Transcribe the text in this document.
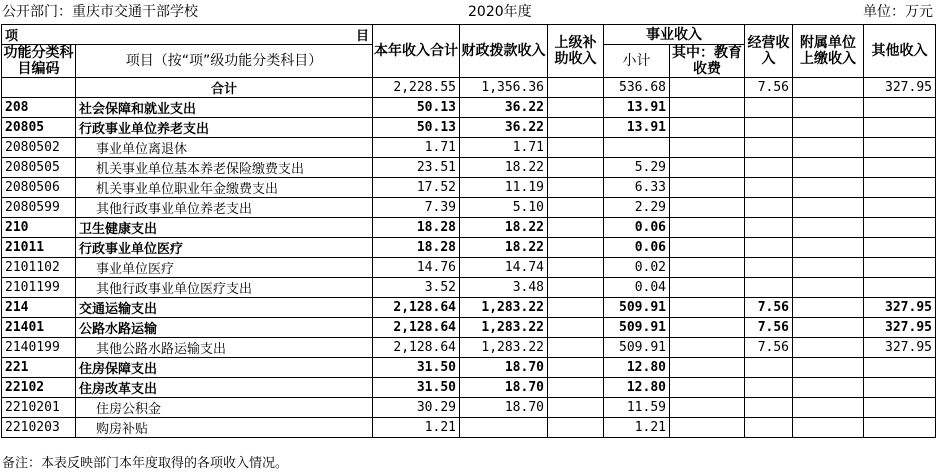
公开部门：重庆市交通干部学校	2020年度	单位：万元
项 目		本年收入合计	财政拨款收入	上级补助收入	事业收入		经营收入	附属单位上缴收入	其他收入
功能分类科目编码	项目（按“项”级功能分类科目）								
					小计	其中：教育收费			
	合计	2,228.55	1,356.36		536.68		7.56		327.95
208	社会保障和就业支出	50.13	36.22		13.91				
20805	行政事业单位养老支出	50.13	36.22		13.91				
2080502	事业单位离退休	1.71	1.71						
2080505	机关事业单位基本养老保险缴费支出	23.51	18.22		5.29				
2080506	机关事业单位职业年金缴费支出	17.52	11.19		6.33				
2080599	其他行政事业单位养老支出	7.39	5.10		2.29				
210	卫生健康支出	18.28	18.22		0.06				
21011	行政事业单位医疗	18.28	18.22		0.06				
2101102	事业单位医疗	14.76	14.74		0.02				
2101199	其他行政事业单位医疗支出	3.52	3.48		0.04				
214	交通运输支出	2,128.64	1,283.22		509.91		7.56		327.95
21401	公路水路运输	2,128.64	1,283.22		509.91		7.56		327.95
2140199	其他公路水路运输支出	2,128.64	1,283.22		509.91		7.56		327.95
221	住房保障支出	31.50	18.70		12.80				
22102	住房改革支出	31.50	18.70		12.80				
2210201	住房公积金	30.29	18.70		11.59				
2210203	购房补贴	1.21			1.21				
备注：本表反映部门本年度取得的各项收入情况。
